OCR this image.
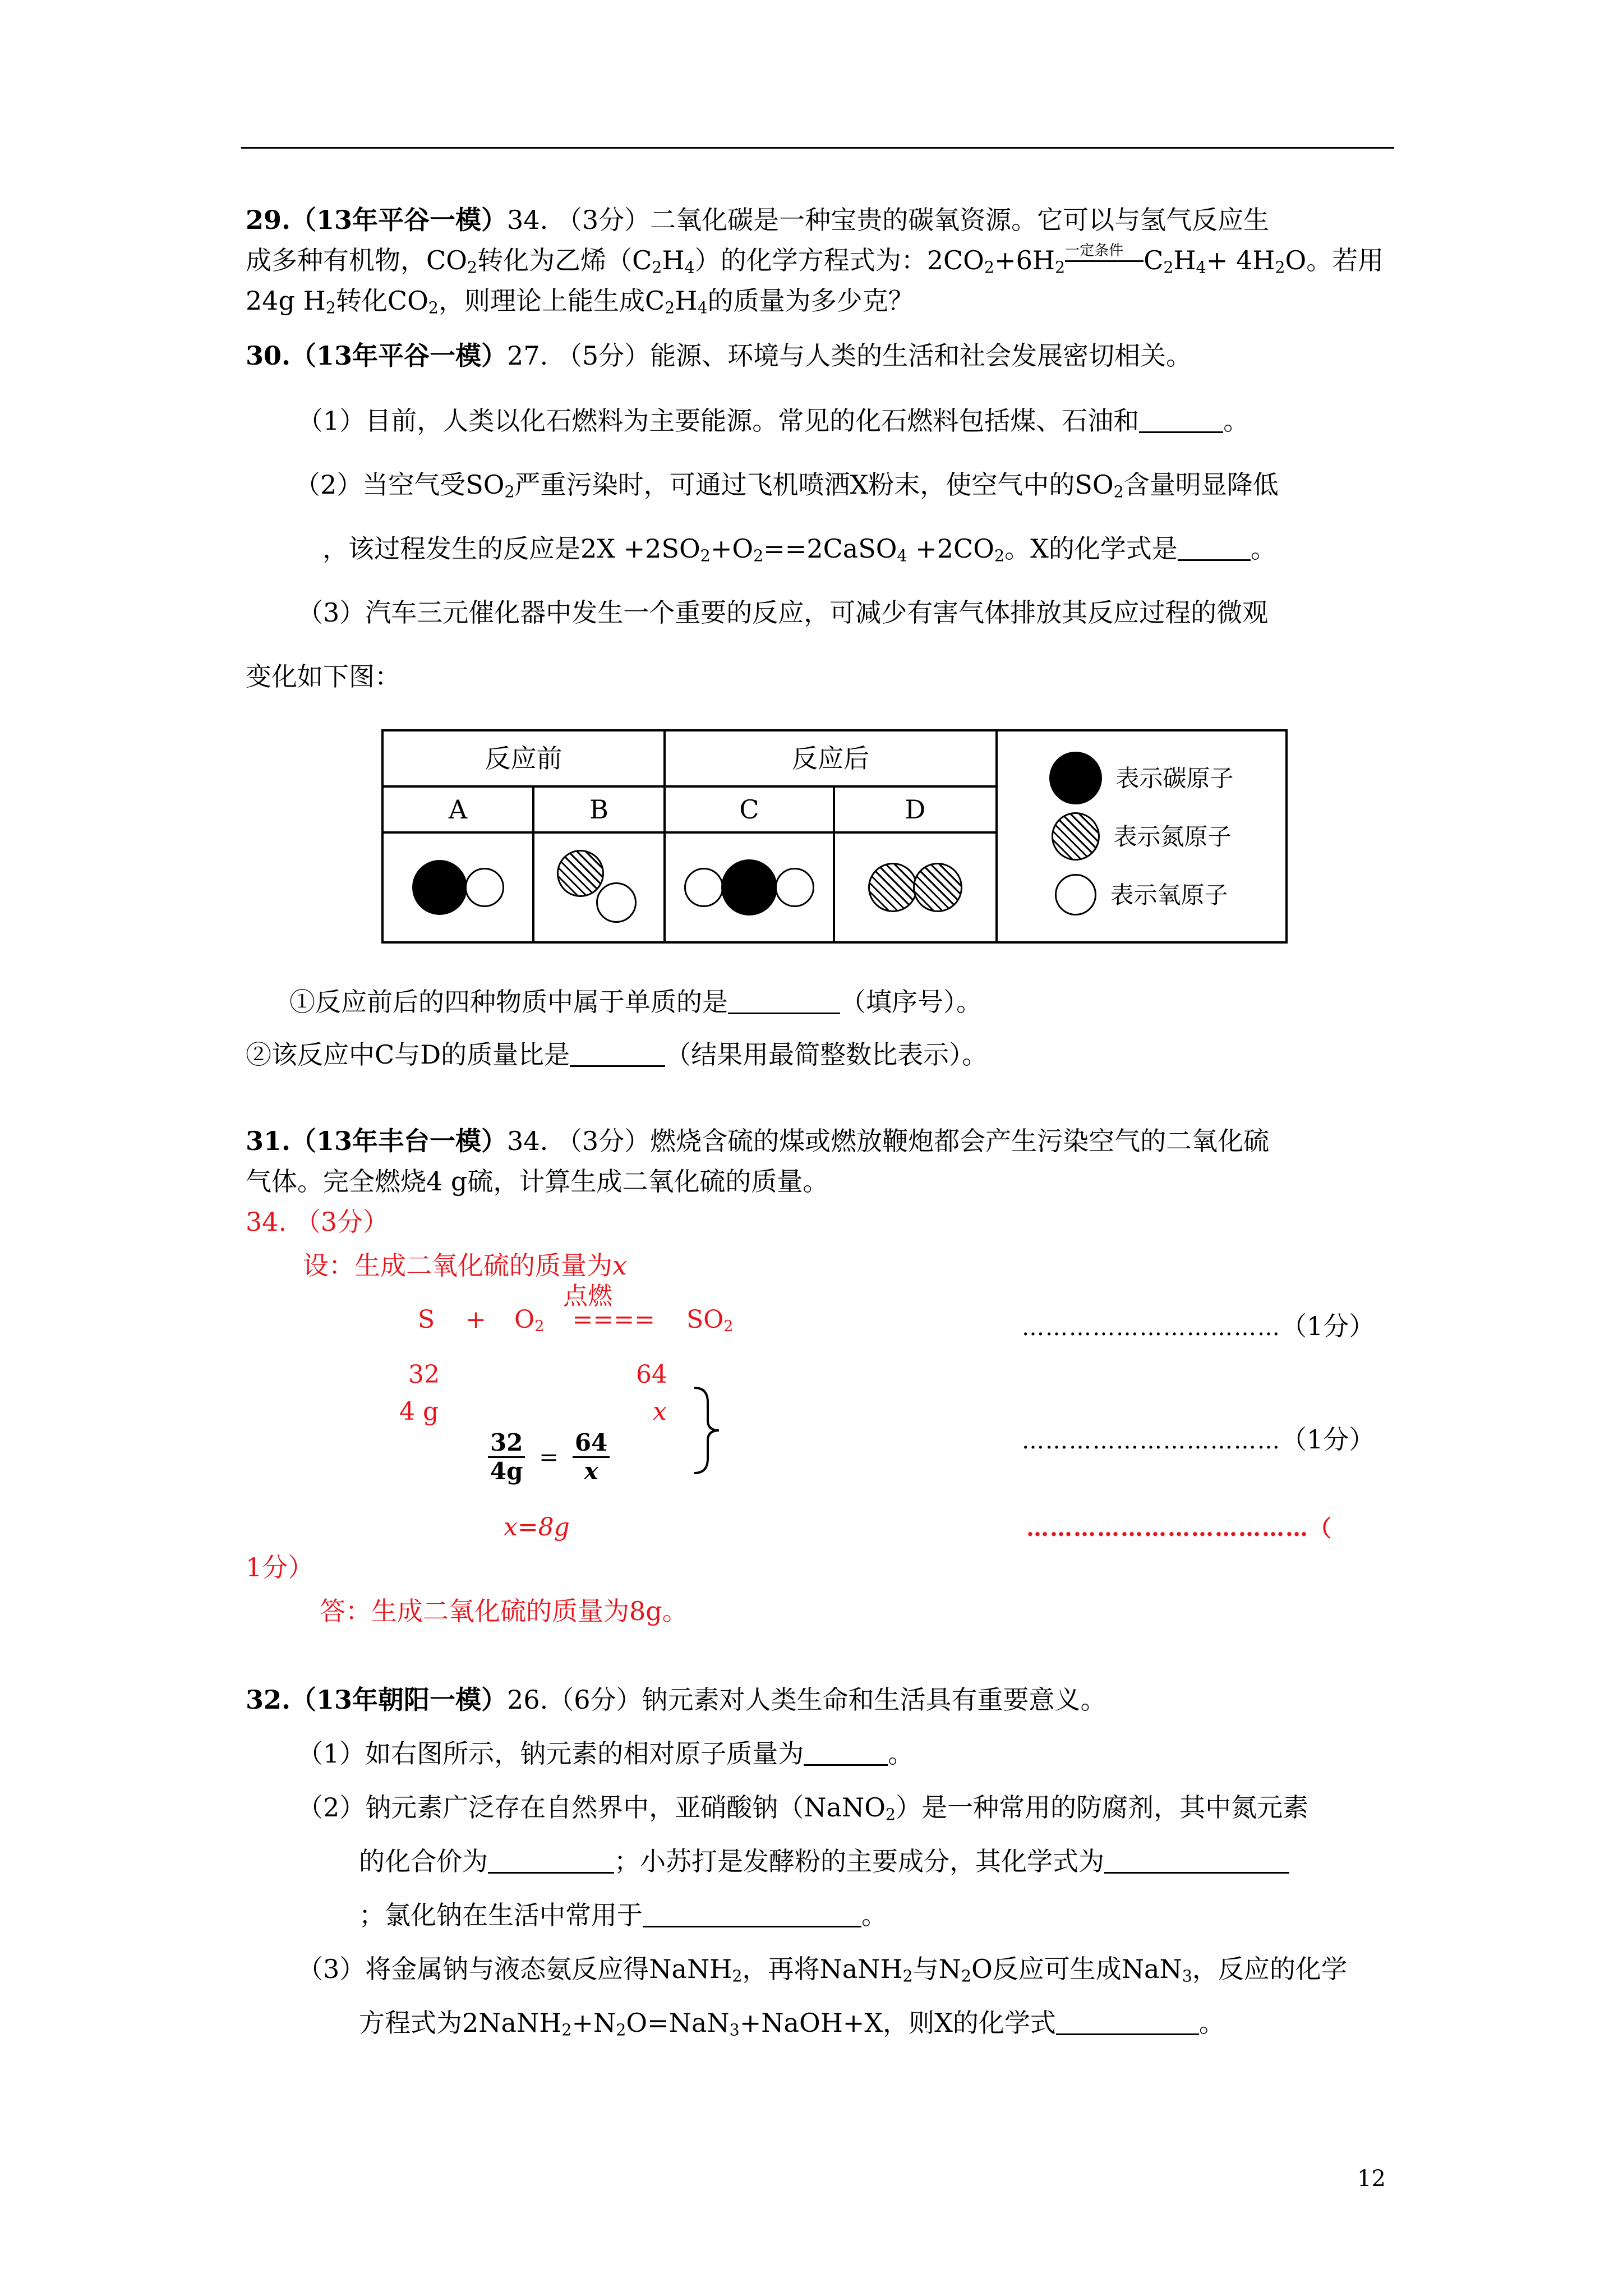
29.（13年平谷一模）34. （3分）二氧化碳是一种宝贵的碳氧资源。它可以与氢气反应生
成多种有机物，$CO_2$转化为乙烯$(C_2H_4)$的化学方程式为：$2CO_2+6H_2$
一定条件 $C_2H_4+ 4H_2O$。若用
24g $H_2$转化$CO_2$，则理论上能生成$C_2H_4$的质量为多少克？
30.（13年平谷一模）27. （5分）能源、环境与人类的生活和社会发展密切相关。
（1）目前，人类以化石燃料为主要能源。常见的化石燃料包括煤、石油和	。
（2）当空气受$SO_2$严重污染时，可通过飞机喷洒X粉末，使空气中的$SO_2$含量明显降低
，该过程发生的反应是$2X +2SO_2+O_2==2CaSO_4 +2CO_2$。X的化学式是	。
（3）汽车三元催化器中发生一个重要的反应，可减少有害气体排放其反应过程的微观
变化如下图：
反应前		反应后		表示碳原子
表示氮原子
表示氧原子

A	B	C	D	

①反应前后的四种物质中属于单质的是	（填序号）。
②该反应中C与D的质量比是	（结果用最简整数比表示）。
31.（13年丰台一模）34. （3分）燃烧含硫的煤或燃放鞭炮都会产生污染空气的二氧化硫
气体。完全燃烧4 g硫，计算生成二氧化硫的质量。
34. （3分）
设：生成二氧化硫的质量为x
点燃
$S + O_2$ ==== $SO_2$
32	64
4 g	x
$\frac{32}{4g} = \frac{64}{x}$
x=8g
……………………………（1分）
……………………………（1分）
………………………………（
1分）
答：生成二氧化硫的质量为8g。
32.（13年朝阳一模）26.（6分）钠元素对人类生命和生活具有重要意义。
（1）如右图所示，钠元素的相对原子质量为	。
（2）钠元素广泛存在自然界中，亚硝酸钠（NaNO$_2$）是一种常用的防腐剂，其中氮元素
的化合价为	；小苏打是发酵粉的主要成分，其化学式为
；氯化钠在生活中常用于	。
（3）将金属钠与液态氨反应得NaNH$_2$，再将NaNH$_2$与$N_2O$反应可生成NaN$_3$，反应的化学
方程式为$2NaNH_2+N_2O=NaN_3+NaOH+X$，则X的化学式	。
12
